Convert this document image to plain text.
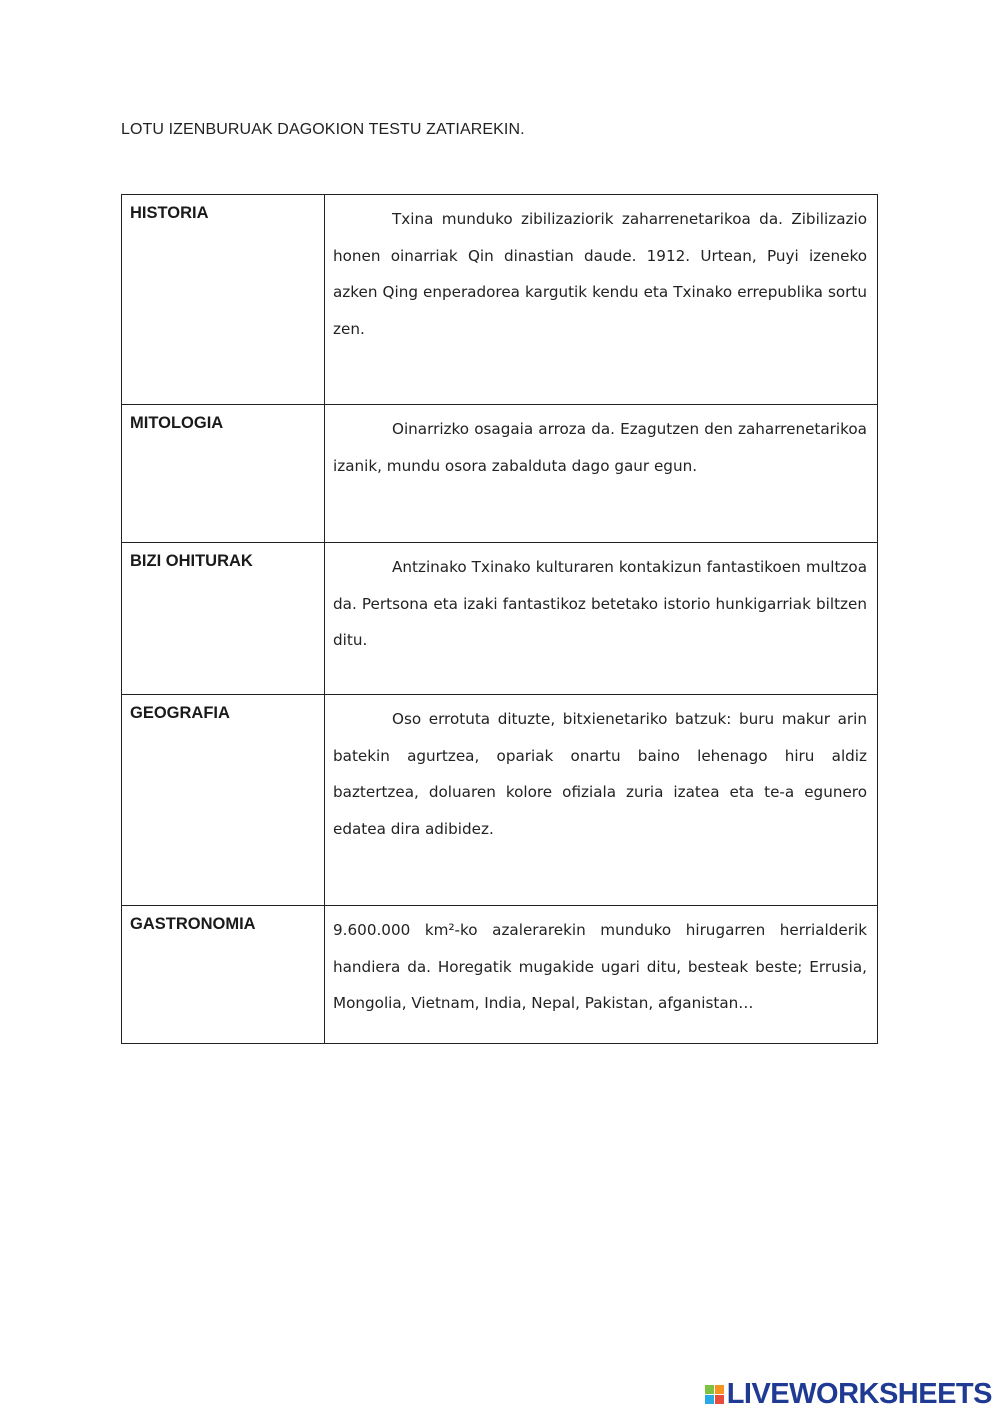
LOTU IZENBURUAK DAGOKION TESTU ZATIAREKIN.
HISTORIA	Txina munduko zibilizaziorik zaharrenetarikoa da. Zibilizazio honen oinarriak Qin dinastian daude. 1912. Urtean, Puyi izeneko azken Qing enperadorea kargutik kendu eta Txinako errepublika sortu zen.

MITOLOGIA	Oinarrizko osagaia arroza da. Ezagutzen den zaharrenetarikoa izanik, mundu osora zabalduta dago gaur egun.

BIZI OHITURAK	Antzinako Txinako kulturaren kontakizun fantastikoen multzoa da. Pertsona eta izaki fantastikoz betetako istorio hunkigarriak biltzen ditu.

GEOGRAFIA	Oso errotuta dituzte, bitxienetariko batzuk: buru makur arin batekin agurtzea, opariak onartu baino lehenago hiru aldiz baztertzea, doluaren kolore ofiziala zuria izatea eta te-a egunero edatea dira adibidez.

GASTRONOMIA	9.600.000 km²-ko azalerarekin munduko hirugarren herrialderik handiera da. Horegatik mugakide ugari ditu, besteak beste; Errusia, Mongolia, Vietnam, India, Nepal, Pakistan, afganistan…

LIVEWORKSHEETS
